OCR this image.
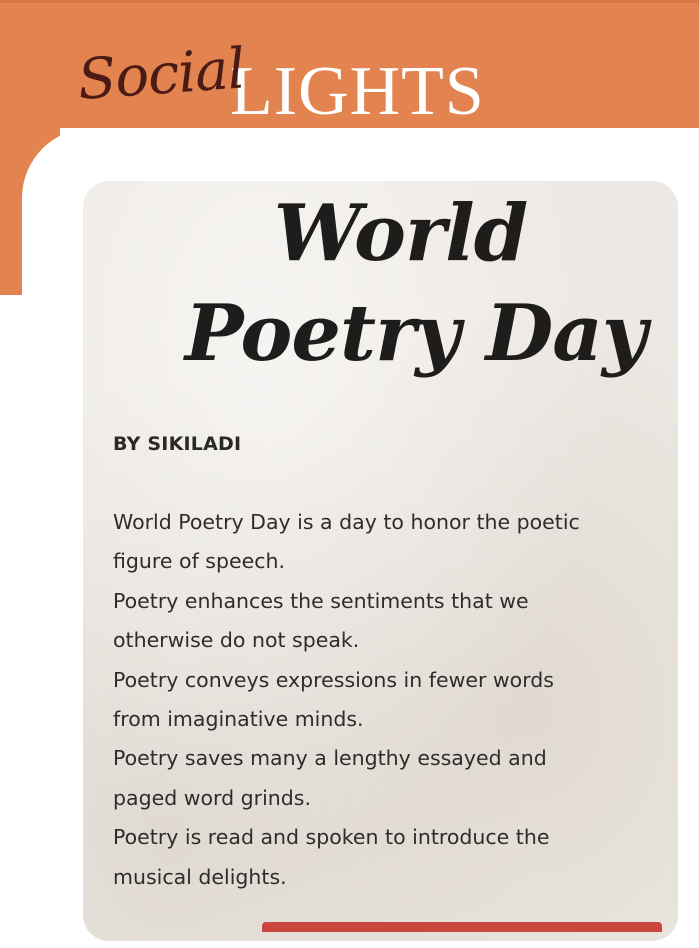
LIGHTS
Social
World
Poetry Day
BY SIKILADI
World Poetry Day is a day to honor the poetic
figure of speech.
Poetry enhances the sentiments that we
otherwise do not speak.
Poetry conveys expressions in fewer words
from imaginative minds.
Poetry saves many a lengthy essayed and
paged word grinds.
Poetry is read and spoken to introduce the
musical delights.
